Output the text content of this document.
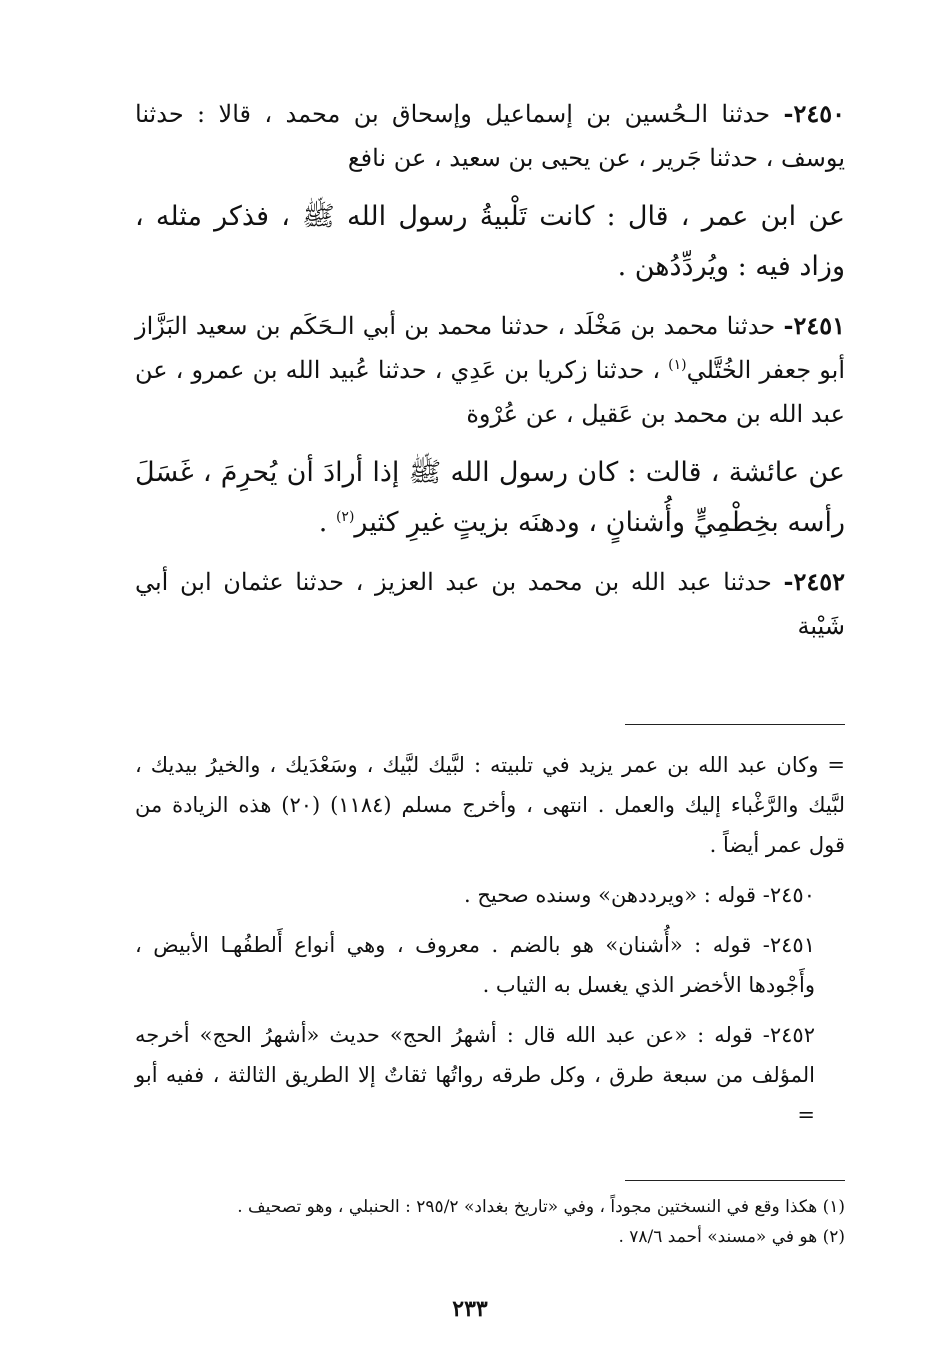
٢٤٥٠- حدثنا الـحُسين بن إسماعيل وإسحاق بن محمد ، قالا : حدثنا يوسف ، حدثنا جَرير ، عن يحيى بن سعيد ، عن نافع

عن ابن عمر ، قال : كانت تَلْبيةُ رسول الله ﷺ ، فذكر مثله ، وزاد فيه : ويُردِّدُهن .

٢٤٥١- حدثنا محمد بن مَخْلَد ، حدثنا محمد بن أبي الـحَكَم بن سعيد البَزَّاز أبو جعفر الخُتَّلي$^{(١)}$ ، حدثنا زكريا بن عَدِي ، حدثنا عُبيد الله بن عمرو ، عن عبد الله بن محمد بن عَقيل ، عن عُرْوة

عن عائشة ، قالت : كان رسول الله ﷺ إذا أرادَ أن يُحرِمَ ، غَسَلَ رأسه بخِطْمِيٍّ وأُشنانٍ ، ودهنَه بزيتٍ غيرِ كثير$^{(٢)}$ .

٢٤٥٢- حدثنا عبد الله بن محمد بن عبد العزيز ، حدثنا عثمان ابن أبي شَيْبة

= وكان عبد الله بن عمر يزيد في تلبيته : لبَّيك لبَّيك ، وسَعْدَيك ، والخيرُ بيديك ، لبَّيك والرَّغْباء إليك والعمل . انتهى ، وأخرج مسلم (١١٨٤) (٢٠) هذه الزيادة من قول عمر أيضاً .

٢٤٥٠- قوله : «ويرددهن» وسنده صحيح .

٢٤٥١- قوله : «أُشنان» هو بالضم . معروف ، وهي أنواع أَلطفُهـا الأبيض ، وأَجْودها الأخضر الذي يغسل به الثياب .

٢٤٥٢- قوله : «عن عبد الله قال : أشهرُ الحج» حديث «أشهرُ الحج» أخرجه المؤلف من سبعة طرق ، وكل طرقه رواتُها ثقاتٌ إلا الطريق الثالثة ، ففيه أبو =

(١) هكذا وقع في النسختين مجوداً ، وفي «تاريخ بغداد» ٢٩٥/٢ : الحنبلي ، وهو تصحيف .

(٢) هو في «مسند» أحمد ٧٨/٦ .

٢٣٣
